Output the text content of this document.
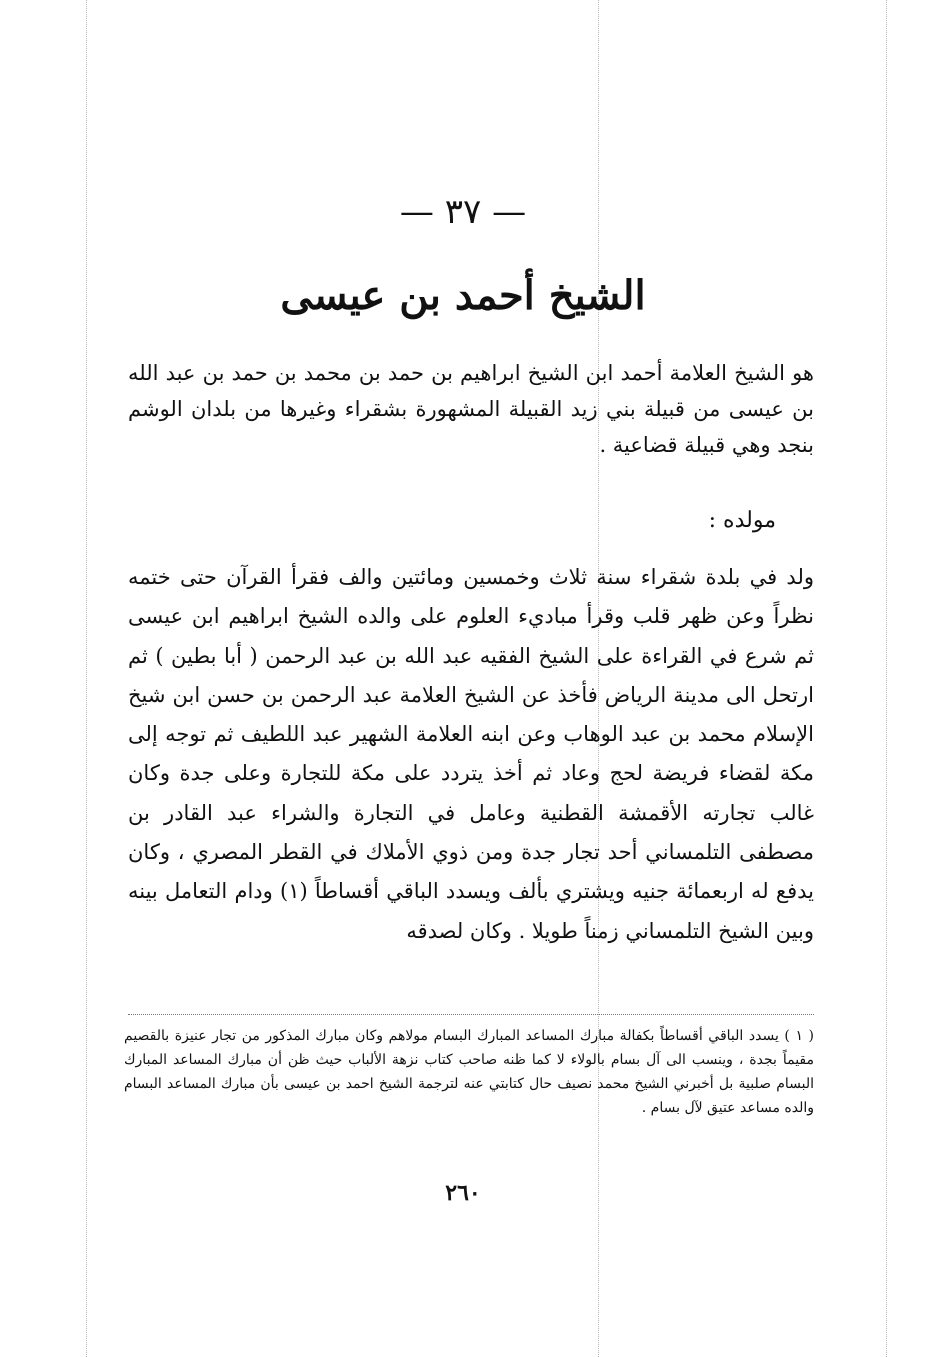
— ٣٧ —
الشيخ أحمد بن عيسى
هو الشيخ العلامة أحمد ابن الشيخ ابراهيم بن حمد بن محمد بن حمد بن عبد الله بن عيسى من قبيلة بني زيد القبيلة المشهورة بشقراء وغيرها من بلدان الوشم بنجد وهي قبيلة قضاعية .
مولده :
ولد في بلدة شقراء سنة ثلاث وخمسين ومائتين والف فقرأ القرآن حتى ختمه نظراً وعن ظهر قلب وقرأ مباديء العلوم على والده الشيخ ابراهيم ابن عيسى ثم شرع في القراءة على الشيخ الفقيه عبد الله بن عبد الرحمن ( أبا بطين ) ثم ارتحل الى مدينة الرياض فأخذ عن الشيخ العلامة عبد الرحمن بن حسن ابن شيخ الإسلام محمد بن عبد الوهاب وعن ابنه العلامة الشهير عبد اللطيف ثم توجه إلى مكة لقضاء فريضة لحج وعاد ثم أخذ يتردد على مكة للتجارة وعلى جدة وكان غالب تجارته الأقمشة القطنية وعامل في التجارة والشراء عبد القادر بن مصطفى التلمساني أحد تجار جدة ومن ذوي الأملاك في القطر المصري ، وكان يدفع له اربعمائة جنيه ويشتري بألف ويسدد الباقي أقساطاً (١) ودام التعامل بينه وبين الشيخ التلمساني زمناً طويلا . وكان لصدقه
( ١ ) يسدد الباقي أقساطاً بكفالة مبارك المساعد المبارك البسام مولاهم وكان مبارك المذكور من تجار عنيزة بالقصيم مقيماً بجدة ، وينسب الى آل بسام بالولاء لا كما ظنه صاحب كتاب نزهة الألباب حيث ظن أن مبارك المساعد المبارك البسام صلبية بل أخبرني الشيخ محمد نصيف حال كتابتي عنه لترجمة الشيخ احمد بن عيسى بأن مبارك المساعد البسام والده مساعد عتيق لآل بسام .
٢٦٠
